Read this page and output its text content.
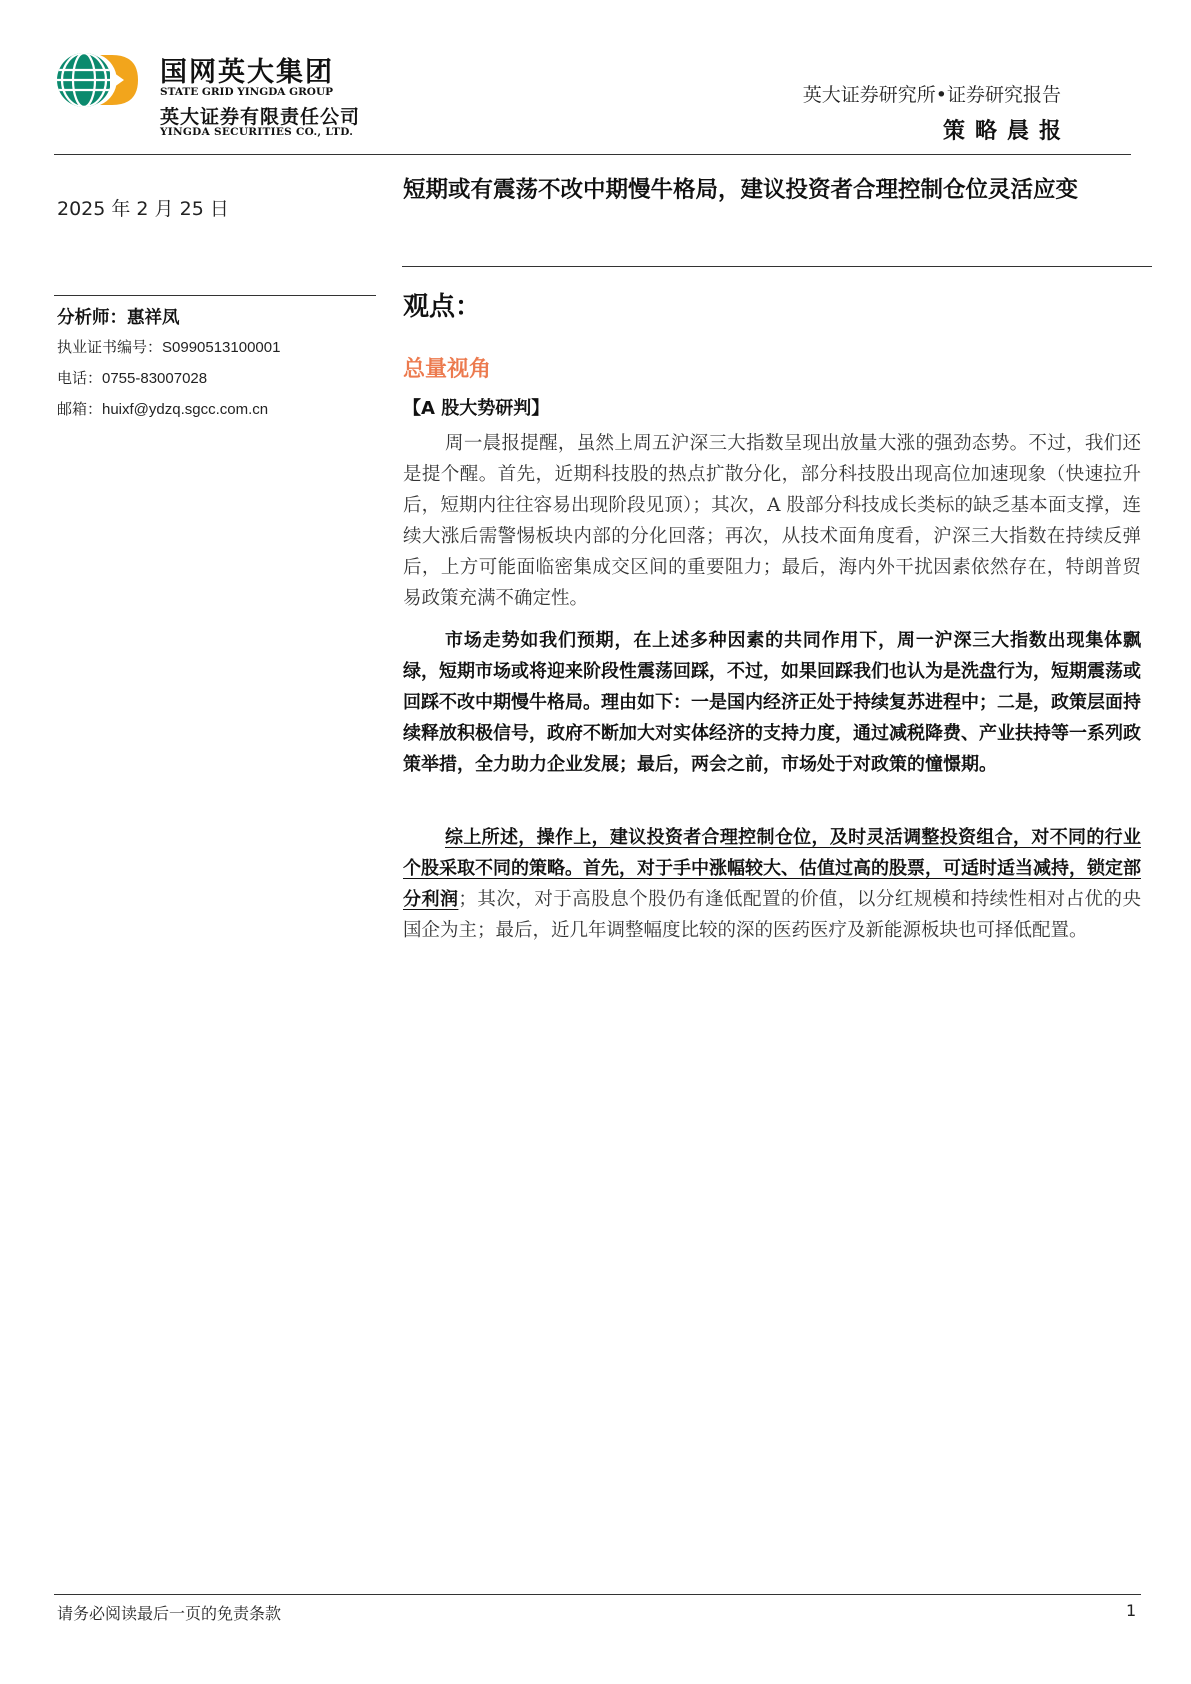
国网英大集团
STATE GRID YINGDA GROUP
英大证券有限责任公司
YINGDA SECURITIES CO., LTD.
英大证券研究所•证券研究报告
策略晨报
2025 年 2 月 25 日
分析师：惠祥凤
执业证书编号：S0990513100001
电话：0755-83007028
邮箱：huixf@ydzq.sgcc.com.cn
短期或有震荡不改中期慢牛格局，建议投资者合理控制仓位灵活应变
观点：
总量视角
【A 股大势研判】

周一晨报提醒，虽然上周五沪深三大指数呈现出放量大涨的强劲态势。不过，我们还是提个醒。首先，近期科技股的热点扩散分化，部分科技股出现高位加速现象（快速拉升后，短期内往往容易出现阶段见顶）；其次，A 股部分科技成长类标的缺乏基本面支撑，连续大涨后需警惕板块内部的分化回落；再次，从技术面角度看，沪深三大指数在持续反弹后，上方可能面临密集成交区间的重要阻力；最后，海内外干扰因素依然存在，特朗普贸易政策充满不确定性。

市场走势如我们预期，在上述多种因素的共同作用下，周一沪深三大指数出现集体飘绿，短期市场或将迎来阶段性震荡回踩，不过，如果回踩我们也认为是洗盘行为，短期震荡或回踩不改中期慢牛格局。理由如下：一是国内经济正处于持续复苏进程中；二是，政策层面持续释放积极信号，政府不断加大对实体经济的支持力度，通过减税降费、产业扶持等一系列政策举措，全力助力企业发展；最后，两会之前，市场处于对政策的憧憬期。

综上所述，操作上，建议投资者合理控制仓位，及时灵活调整投资组合，对不同的行业个股采取不同的策略。首先，对于手中涨幅较大、估值过高的股票，可适时适当减持，锁定部分利润；其次，对于高股息个股仍有逢低配置的价值，以分红规模和持续性相对占优的央国企为主；最后，近几年调整幅度比较的深的医药医疗及新能源板块也可择低配置。

请务必阅读最后一页的免责条款	1
